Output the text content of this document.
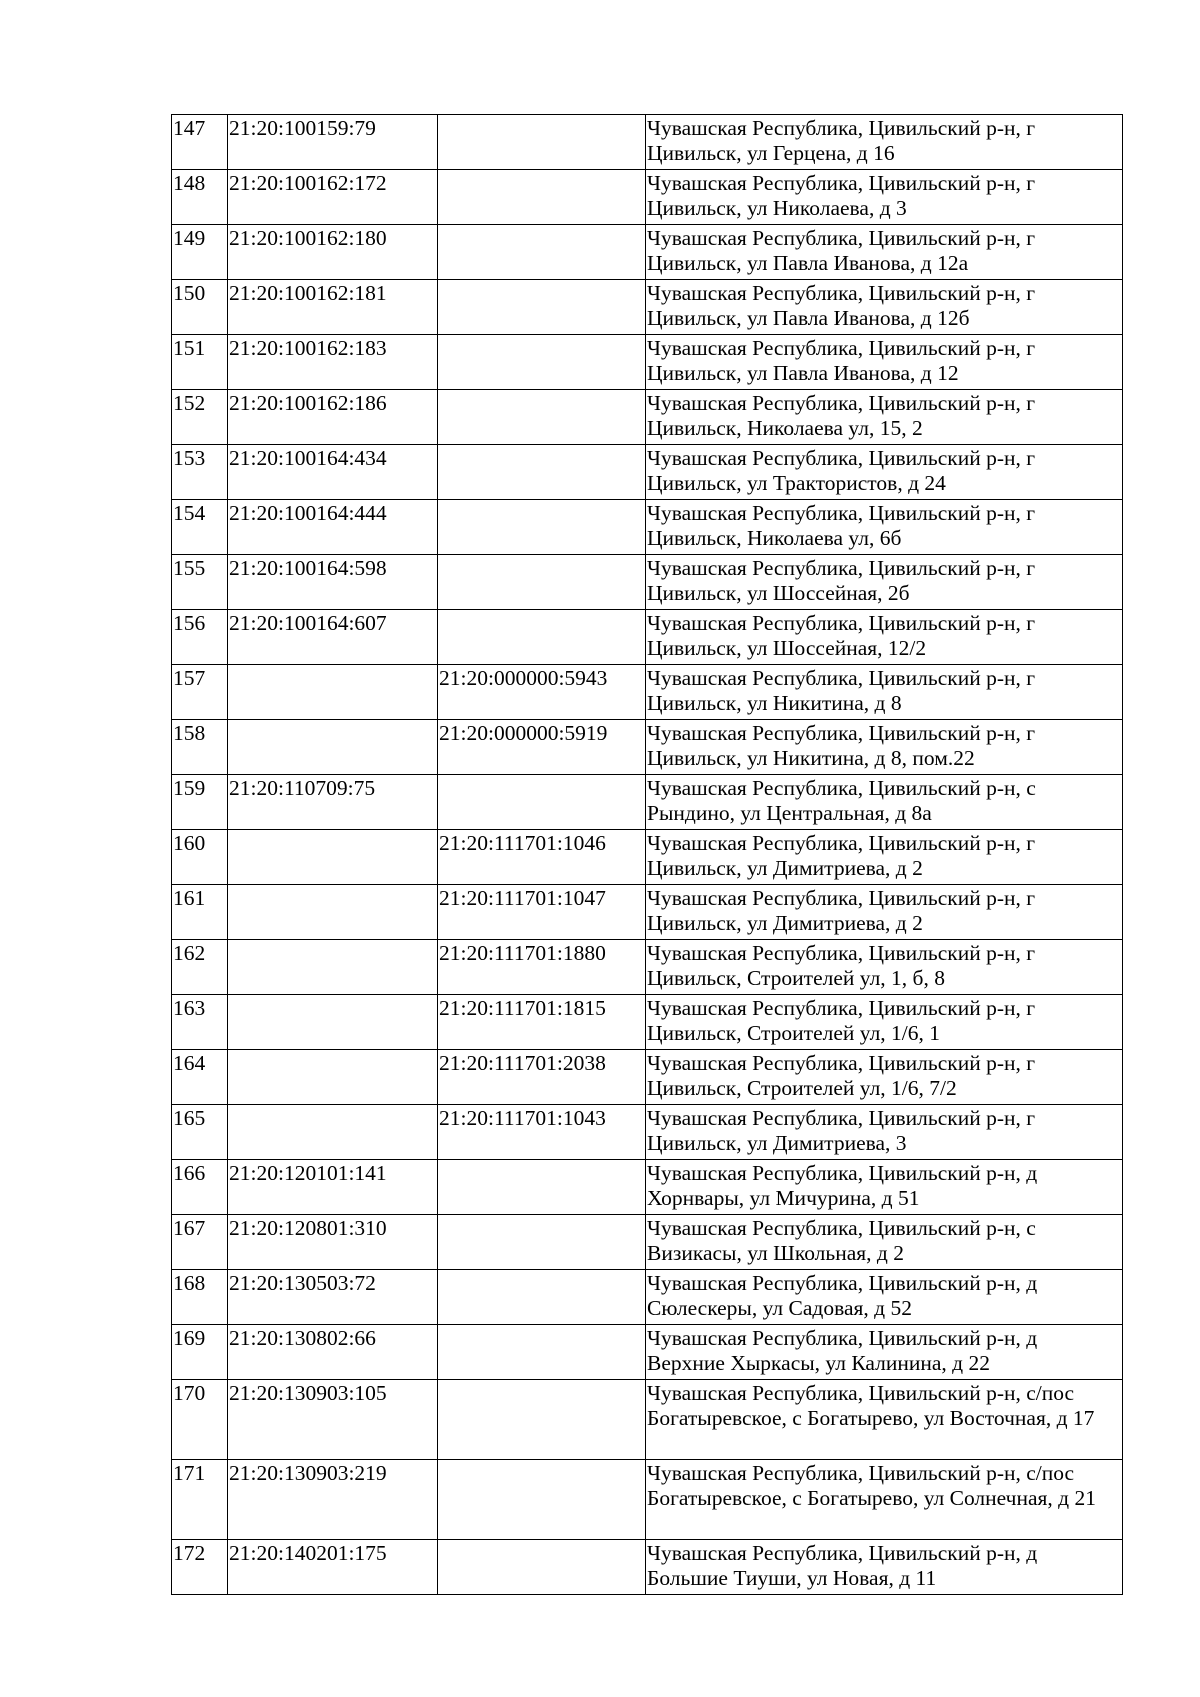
147	21:20:100159:79		Чувашская Республика, Цивильский р-н, г Цивильск, ул Герцена, д 16
148	21:20:100162:172		Чувашская Республика, Цивильский р-н, г Цивильск, ул Николаева, д 3
149	21:20:100162:180		Чувашская Республика, Цивильский р-н, г Цивильск, ул Павла Иванова, д 12а
150	21:20:100162:181		Чувашская Республика, Цивильский р-н, г Цивильск, ул Павла Иванова, д 12б
151	21:20:100162:183		Чувашская Республика, Цивильский р-н, г Цивильск, ул Павла Иванова, д 12
152	21:20:100162:186		Чувашская Республика, Цивильский р-н, г Цивильск, Николаева ул, 15, 2
153	21:20:100164:434		Чувашская Республика, Цивильский р-н, г Цивильск, ул Трактористов, д 24
154	21:20:100164:444		Чувашская Республика, Цивильский р-н, г Цивильск, Николаева ул, 6б
155	21:20:100164:598		Чувашская Республика, Цивильский р-н, г Цивильск, ул Шоссейная, 2б
156	21:20:100164:607		Чувашская Республика, Цивильский р-н, г Цивильск, ул Шоссейная, 12/2
157		21:20:000000:5943	Чувашская Республика, Цивильский р-н, г Цивильск, ул Никитина, д 8
158		21:20:000000:5919	Чувашская Республика, Цивильский р-н, г Цивильск, ул Никитина, д 8, пом.22
159	21:20:110709:75		Чувашская Республика, Цивильский р-н, с Рындино, ул Центральная, д 8а
160		21:20:111701:1046	Чувашская Республика, Цивильский р-н, г Цивильск, ул Димитриева, д 2
161		21:20:111701:1047	Чувашская Республика, Цивильский р-н, г Цивильск, ул Димитриева, д 2
162		21:20:111701:1880	Чувашская Республика, Цивильский р-н, г Цивильск, Строителей ул, 1, б, 8
163		21:20:111701:1815	Чувашская Республика, Цивильский р-н, г Цивильск, Строителей ул, 1/6, 1
164		21:20:111701:2038	Чувашская Республика, Цивильский р-н, г Цивильск, Строителей ул, 1/6, 7/2
165		21:20:111701:1043	Чувашская Республика, Цивильский р-н, г Цивильск, ул Димитриева, 3
166	21:20:120101:141		Чувашская Республика, Цивильский р-н, д Хорнвары, ул Мичурина, д 51
167	21:20:120801:310		Чувашская Республика, Цивильский р-н, с Визикасы, ул Школьная, д 2
168	21:20:130503:72		Чувашская Республика, Цивильский р-н, д Сюлескеры, ул Садовая, д 52
169	21:20:130802:66		Чувашская Республика, Цивильский р-н, д Верхние Хыркасы, ул Калинина, д 22
170	21:20:130903:105		Чувашская Республика, Цивильский р-н, с/пос Богатыревское, с Богатырево, ул Восточная, д 17
171	21:20:130903:219		Чувашская Республика, Цивильский р-н, с/пос Богатыревское, с Богатырево, ул Солнечная, д 21
172	21:20:140201:175		Чувашская Республика, Цивильский р-н, д Большие Тиуши, ул Новая, д 11
